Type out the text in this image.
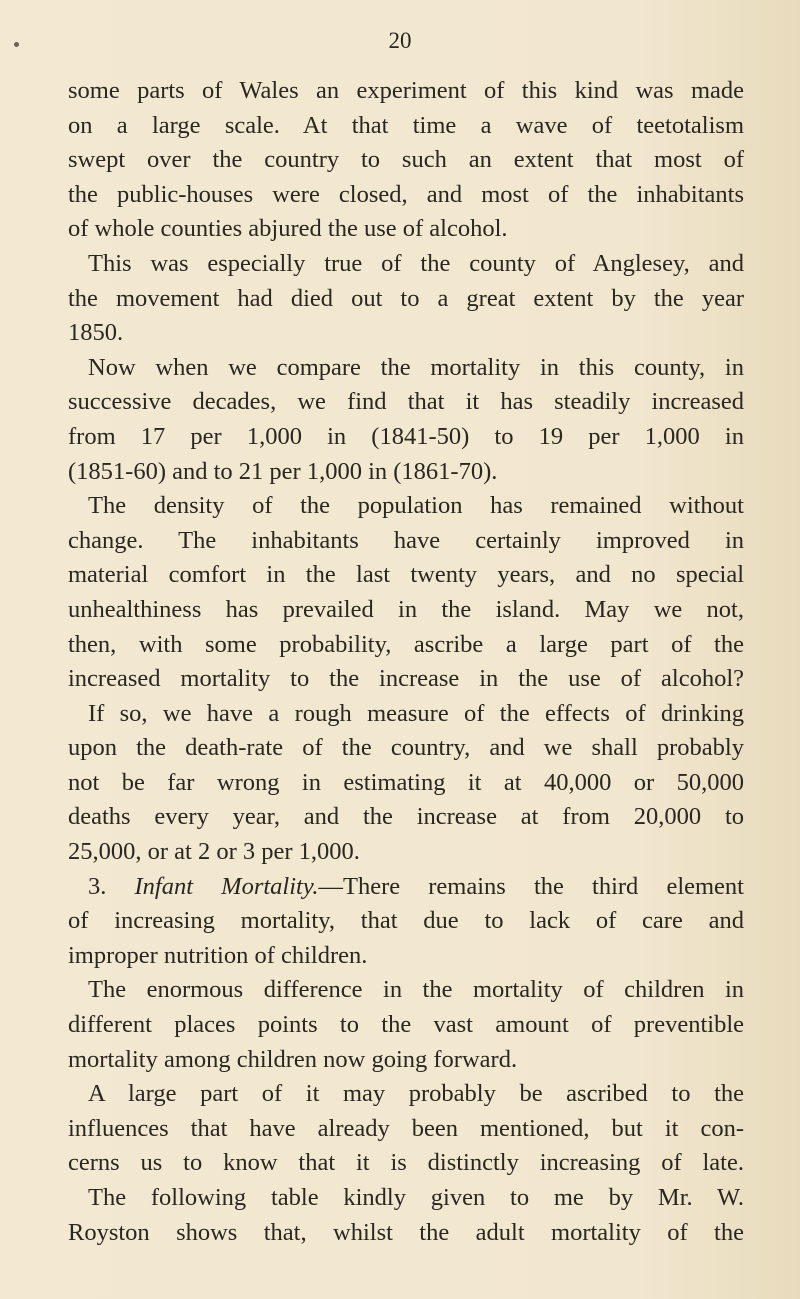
20
some parts of Wales an experiment of this kind was made
on a large scale. At that time a wave of teetotalism
swept over the country to such an extent that most of
the public-houses were closed, and most of the inhabitants
of whole counties abjured the use of alcohol.
This was especially true of the county of Anglesey, and
the movement had died out to a great extent by the year
1850.
Now when we compare the mortality in this county, in
successive decades, we find that it has steadily increased
from 17 per 1,000 in (1841-50) to 19 per 1,000 in
(1851-60) and to 21 per 1,000 in (1861-70).
The density of the population has remained without
change. The inhabitants have certainly improved in
material comfort in the last twenty years, and no special
unhealthiness has prevailed in the island. May we not,
then, with some probability, ascribe a large part of the
increased mortality to the increase in the use of alcohol?
If so, we have a rough measure of the effects of drinking
upon the death-rate of the country, and we shall probably
not be far wrong in estimating it at 40,000 or 50,000
deaths every year, and the increase at from 20,000 to
25,000, or at 2 or 3 per 1,000.
3. Infant Mortality.—There remains the third element
of increasing mortality, that due to lack of care and
improper nutrition of children.
The enormous difference in the mortality of children in
different places points to the vast amount of preventible
mortality among children now going forward.
A large part of it may probably be ascribed to the
influences that have already been mentioned, but it con-
cerns us to know that it is distinctly increasing of late.
The following table kindly given to me by Mr. W.
Royston shows that, whilst the adult mortality of the
